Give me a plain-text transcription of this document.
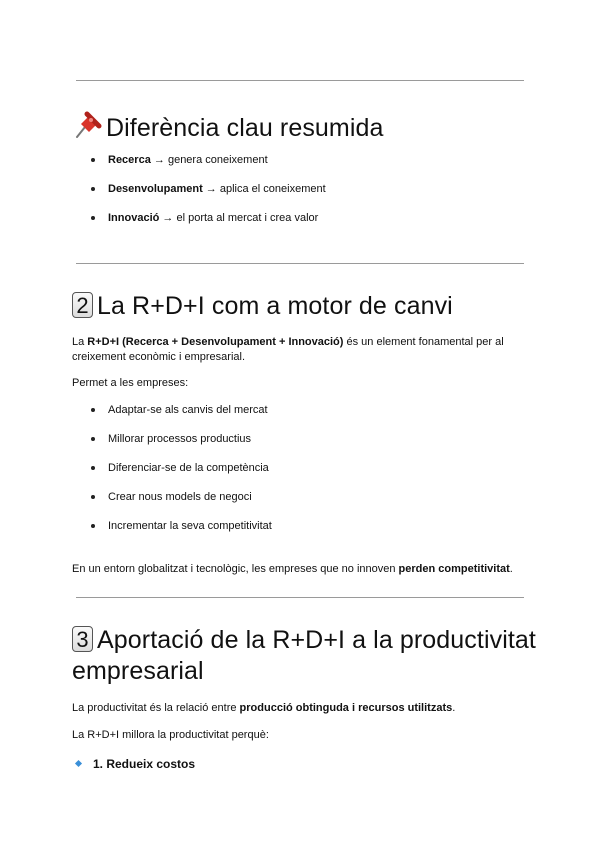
Diferència clau resumida
Recerca → genera coneixement
Desenvolupament → aplica el coneixement
Innovació → el porta al mercat i crea valor
2 La R+D+I com a motor de canvi

La R+D+I (Recerca + Desenvolupament + Innovació) és un element fonamental per al creixement econòmic i empresarial.

Permet a les empreses:

Adaptar-se als canvis del mercat
Millorar processos productius
Diferenciar-se de la competència
Crear nous models de negoci
Incrementar la seva competitivitat

En un entorn globalitzat i tecnològic, les empreses que no innoven perden competitivitat.

3 Aportació de la R+D+I a la productivitat
empresarial

La productivitat és la relació entre producció obtinguda i recursos utilitzats.

La R+D+I millora la productivitat perquè:

1. Redueix costos
